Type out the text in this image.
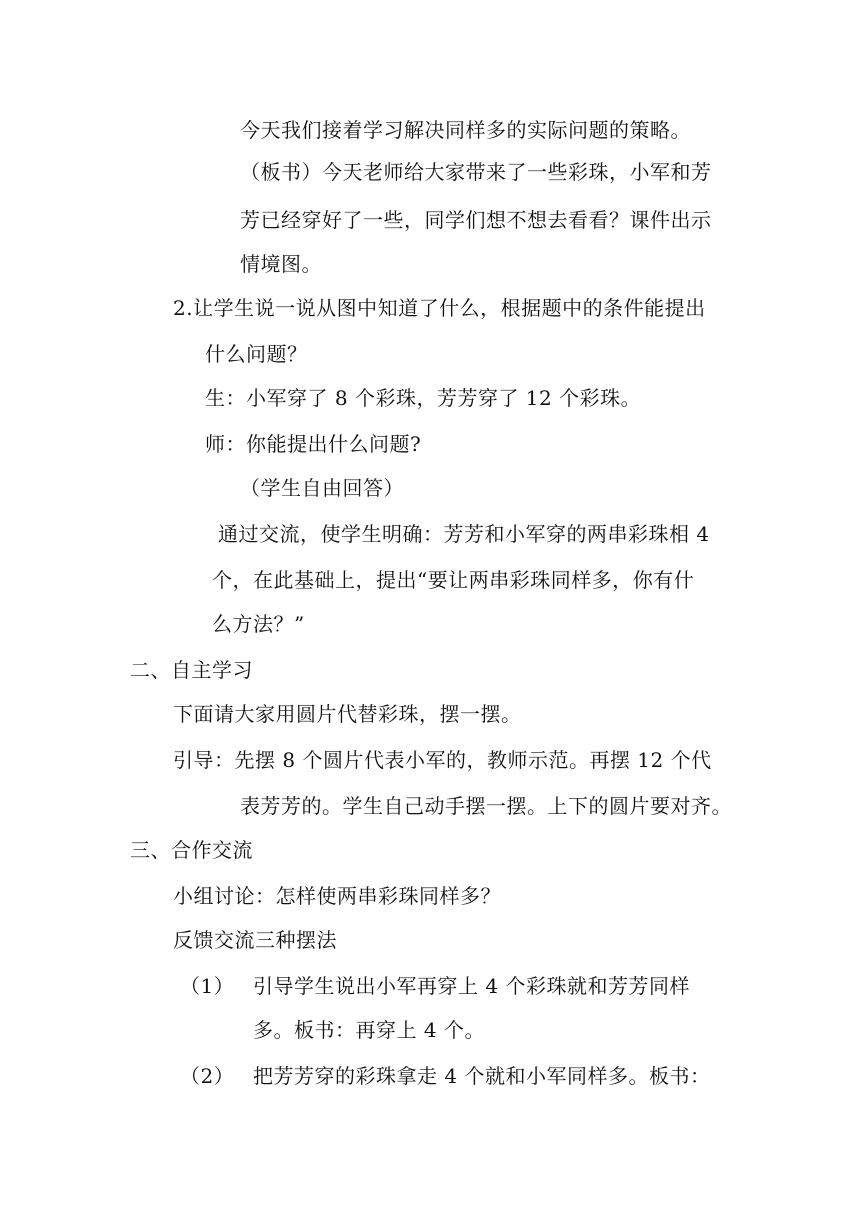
今天我们接着学习解决同样多的实际问题的策略。
（板书）今天老师给大家带来了一些彩珠，小军和芳
芳已经穿好了一些，同学们想不想去看看？课件出示
情境图。
2.让学生说一说从图中知道了什么，根据题中的条件能提出
什么问题？
生：小军穿了 8 个彩珠，芳芳穿了 12 个彩珠。
师：你能提出什么问题?
（学生自由回答）
通过交流，使学生明确：芳芳和小军穿的两串彩珠相 4
个，在此基础上，提出“要让两串彩珠同样多，你有什
么方法？”
二、自主学习
下面请大家用圆片代替彩珠，摆一摆。
引导：先摆 8 个圆片代表小军的，教师示范。再摆 12 个代
表芳芳的。学生自己动手摆一摆。上下的圆片要对齐。
三、合作交流
小组讨论：怎样使两串彩珠同样多？
反馈交流三种摆法
（1） 引导学生说出小军再穿上 4 个彩珠就和芳芳同样
多。板书：再穿上 4 个。
（2） 把芳芳穿的彩珠拿走 4 个就和小军同样多。板书：
